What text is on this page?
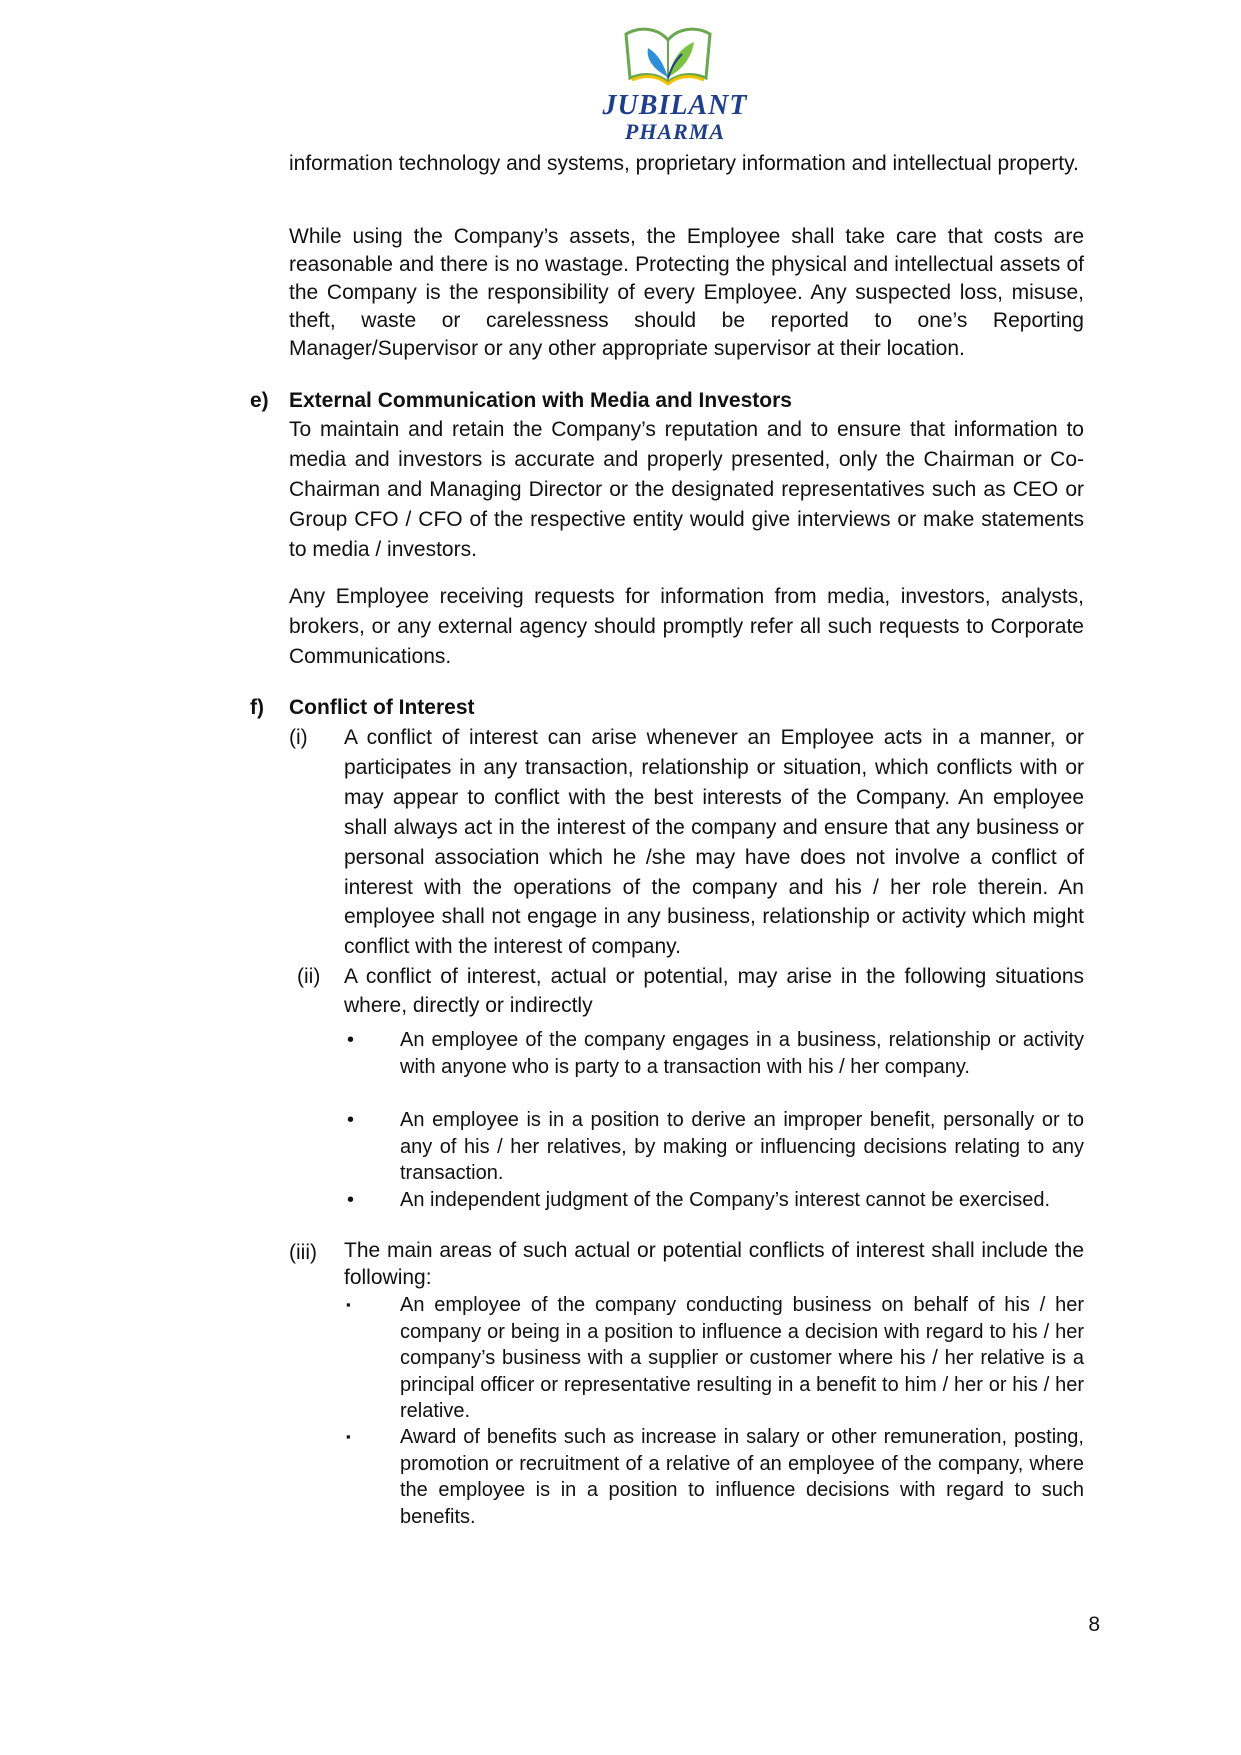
JUBILANT
PHARMA
information technology and systems, proprietary information and intellectual property.
While using the Company’s assets, the Employee shall take care that costs are reasonable and there is no wastage. Protecting the physical and intellectual assets of the Company is the responsibility of every Employee. Any suspected loss, misuse, theft, waste or carelessness should be reported to one’s Reporting Manager/Supervisor or any other appropriate supervisor at their location.
e) External Communication with Media and Investors
To maintain and retain the Company’s reputation and to ensure that information to media and investors is accurate and properly presented, only the Chairman or Co-Chairman and Managing Director or the designated representatives such as CEO or Group CFO / CFO of the respective entity would give interviews or make statements to media / investors.
Any Employee receiving requests for information from media, investors, analysts, brokers, or any external agency should promptly refer all such requests to Corporate Communications.
f) Conflict of Interest
(i) A conflict of interest can arise whenever an Employee acts in a manner, or participates in any transaction, relationship or situation, which conflicts with or may appear to conflict with the best interests of the Company. An employee shall always act in the interest of the company and ensure that any business or personal association which he /she may have does not involve a conflict of interest with the operations of the company and his / her role therein. An employee shall not engage in any business, relationship or activity which might conflict with the interest of company.
(ii) A conflict of interest, actual or potential, may arise in the following situations where, directly or indirectly
• An employee of the company engages in a business, relationship or activity with anyone who is party to a transaction with his / her company.
• An employee is in a position to derive an improper benefit, personally or to any of his / her relatives, by making or influencing decisions relating to any transaction.
• An independent judgment of the Company’s interest cannot be exercised.
(iii) The main areas of such actual or potential conflicts of interest shall include the following:
▪ An employee of the company conducting business on behalf of his / her company or being in a position to influence a decision with regard to his / her company’s business with a supplier or customer where his / her relative is a principal officer or representative resulting in a benefit to him / her or his / her relative.
▪ Award of benefits such as increase in salary or other remuneration, posting, promotion or recruitment of a relative of an employee of the company, where the employee is in a position to influence decisions with regard to such benefits.
8
